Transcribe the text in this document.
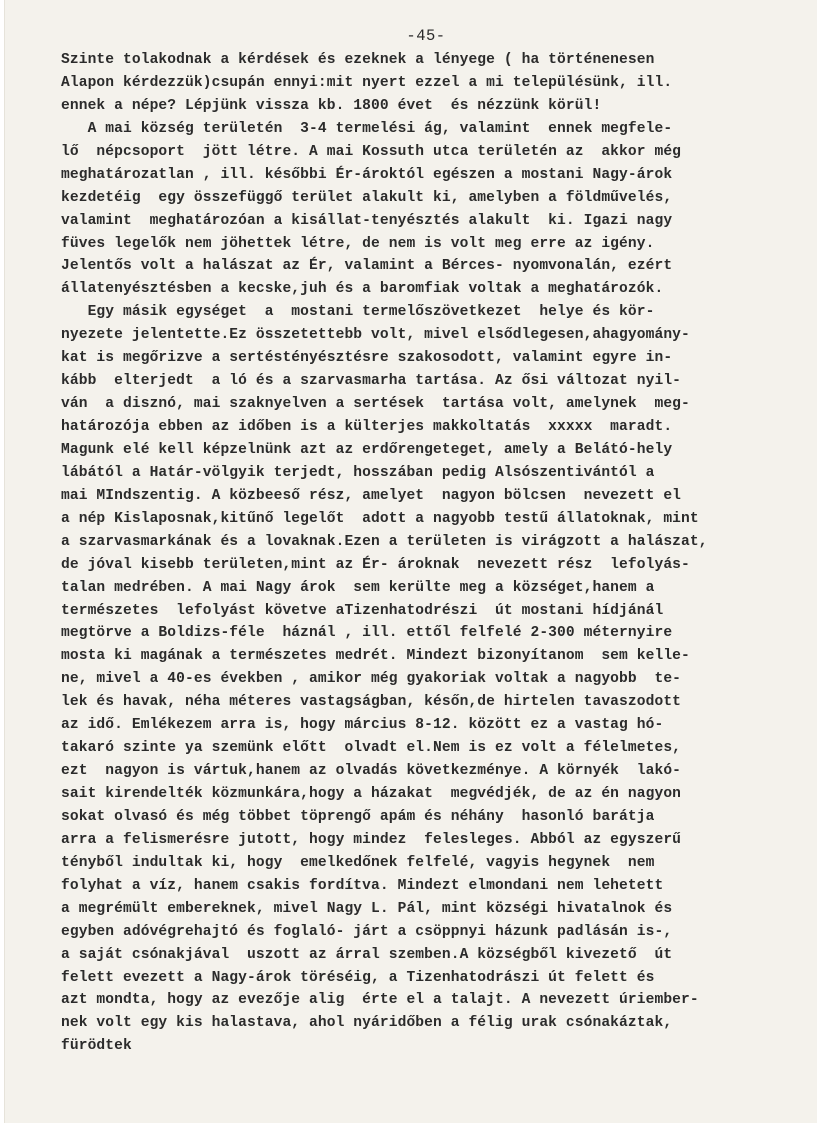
-45-
Szinte tolakodnak a kérdések és ezeknek a lényege ( ha történenesen
Alapon kérdezzük)csupán ennyi:mit nyert ezzel a mi településünk, ill.
ennek a népe? Lépjünk vissza kb. 1800 évet  és nézzünk körül!
A mai község területén  3-4 termelési ág, valamint  ennek megfele-
lő  népcsoport  jött létre. A mai Kossuth utca területén az  akkor még
meghatározatlan , ill. későbbi Ér-ároktól egészen a mostani Nagy-árok
kezdetéig  egy összefüggő terület alakult ki, amelyben a földművelés,
valamint  meghatározóan a kisállat-tenyésztés alakult  ki. Igazi nagy
füves legelők nem jöhettek létre, de nem is volt meg erre az igény.
Jelentős volt a halászat az Ér, valamint a Bérces- nyomvonalán, ezért
állatenyésztésben a kecske,juh és a baromfiak voltak a meghatározók.
Egy másik egységet  a  mostani termelőszövetkezet  helye és kör-
nyezete jelentette.Ez összetettebb volt, mivel elsődlegesen,ahagyomány-
kat is megőrizve a sertéstényésztésre szakosodott, valamint egyre in-
kább  elterjedt  a ló és a szarvasmarha tartása. Az ősi változat nyil-
ván  a disznó, mai szaknyelven a sertések  tartása volt, amelynek  meg-
határozója ebben az időben is a külterjes makkoltatás  xxxxx  maradt.
Magunk elé kell képzelnünk azt az erdőrengeteget, amely a Belátó-hely
lábától a Határ-völgyik terjedt, hosszában pedig Alsószentivántól a
mai MIndszentig. A közbeeső rész, amelyet  nagyon bölcsen  nevezett el
a nép Kislaposnak,kitűnő legelőt  adott a nagyobb testű állatoknak, mint
a szarvasmarkának és a lovaknak.Ezen a területen is virágzott a halászat,
de jóval kisebb területen,mint az Ér- ároknak  nevezett rész  lefolyás-
talan medrében. A mai Nagy árok  sem kerülte meg a községet,hanem a
természetes  lefolyást követve aTizenhatodrészi  út mostani hídjánál
megtörve a Boldizs-féle  háznál , ill. ettől felfelé 2-300 méternyire
mosta ki magának a természetes medrét. Mindezt bizonyítanom  sem kelle-
ne, mivel a 40-es években , amikor még gyakoriak voltak a nagyobb  te-
lek és havak, néha méteres vastagságban, későn,de hirtelen tavaszodott
az idő. Emlékezem arra is, hogy március 8-12. között ez a vastag hó-
takaró szinte ya szemünk előtt  olvadt el.Nem is ez volt a félelmetes,
ezt  nagyon is vártuk,hanem az olvadás következménye. A környék  lakó-
sait kirendelték közmunkára,hogy a házakat  megvédjék, de az én nagyon
sokat olvasó és még többet töprengő apám és néhány  hasonló barátja
arra a felismerésre jutott, hogy mindez  felesleges. Abból az egyszerű
tényből indultak ki, hogy  emelkedőnek felfelé, vagyis hegynek  nem
folyhat a víz, hanem csakis fordítva. Mindezt elmondani nem lehetett
a megrémült embereknek, mivel Nagy L. Pál, mint községi hivatalnok és
egyben adóvégrehajtó és foglaló- járt a csöppnyi házunk padlásán is-,
a saját csónakjával  uszott az árral szemben.A községből kivezető  út
felett evezett a Nagy-árok töréséig, a Tizenhatodrászi út felett és
azt mondta, hogy az evezője alig  érte el a talajt. A nevezett úriember-
nek volt egy kis halastava, ahol nyáridőben a félig urak csónakáztak,
fürödtek
